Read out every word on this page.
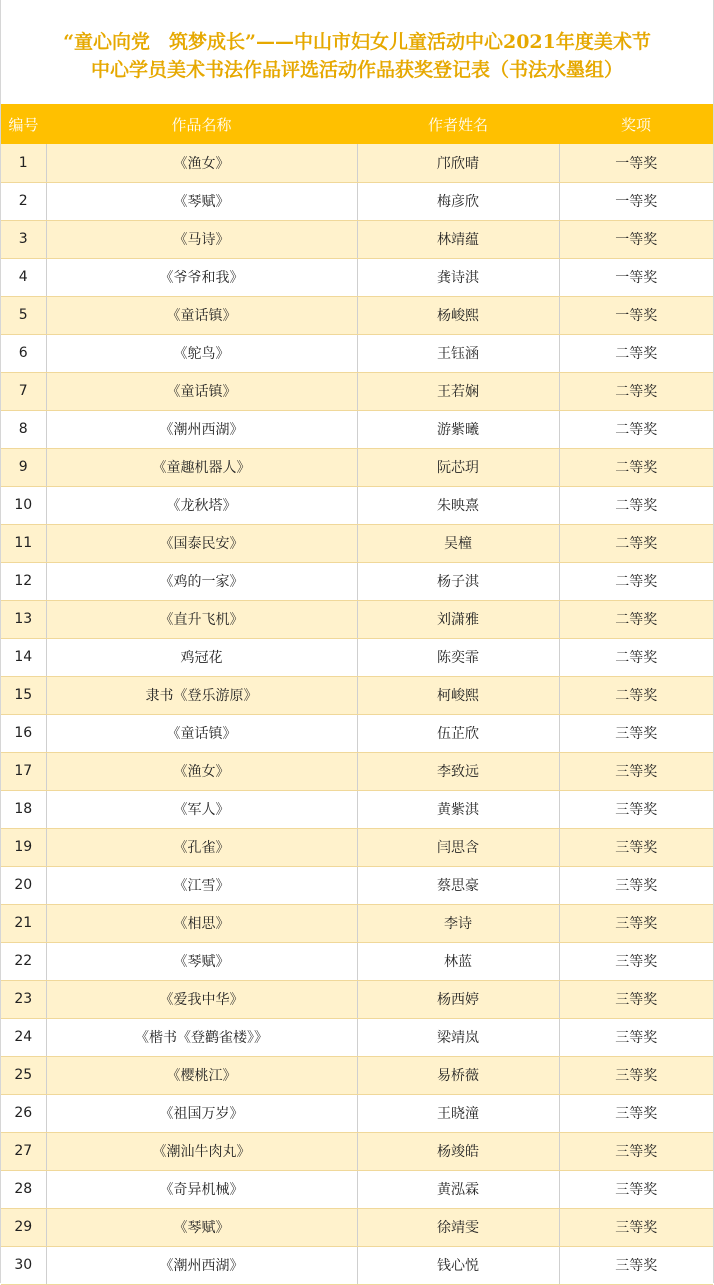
“童心向党　筑梦成长”——中山市妇女儿童活动中心2021年度美术节
中心学员美术书法作品评选活动作品获奖登记表（书法水墨组）
编号	作品名称	作者姓名	奖项
1	《渔女》	邝欣晴	一等奖
2	《琴赋》	梅彦欣	一等奖
3	《马诗》	林靖蕴	一等奖
4	《爷爷和我》	龚诗淇	一等奖
5	《童话镇》	杨峻熙	一等奖
6	《鸵鸟》	王钰涵	二等奖
7	《童话镇》	王若娴	二等奖
8	《潮州西湖》	游紫曦	二等奖
9	《童趣机器人》	阮芯玥	二等奖
10	《龙秋塔》	朱映熹	二等奖
11	《国泰民安》	吴橦	二等奖
12	《鸡的一家》	杨子淇	二等奖
13	《直升飞机》	刘潇雅	二等奖
14	鸡冠花	陈奕霏	二等奖
15	隶书《登乐游原》	柯峻熙	二等奖
16	《童话镇》	伍芷欣	三等奖
17	《渔女》	李致远	三等奖
18	《军人》	黄紫淇	三等奖
19	《孔雀》	闫思含	三等奖
20	《江雪》	蔡思豪	三等奖
21	《相思》	李诗	三等奖
22	《琴赋》	林蓝	三等奖
23	《爱我中华》	杨西婷	三等奖
24	《楷书《登鹳雀楼》》	梁靖岚	三等奖
25	《樱桃江》	易桥薇	三等奖
26	《祖国万岁》	王晓潼	三等奖
27	《潮汕牛肉丸》	杨竣皓	三等奖
28	《奇异机械》	黄泓霖	三等奖
29	《琴赋》	徐靖雯	三等奖
30	《潮州西湖》	钱心悦	三等奖
